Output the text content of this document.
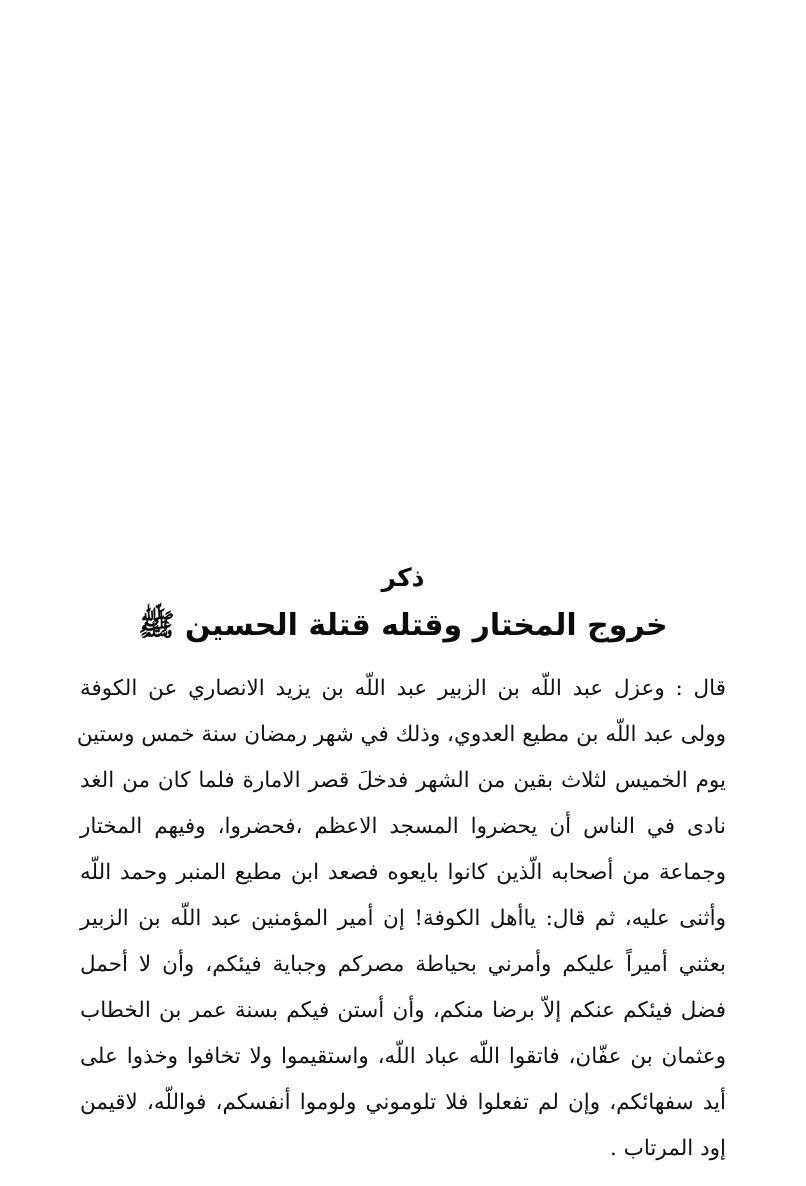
ذكر
خروج المختار وقتله قتلة الحسين ﷺ
قال : وعزل عبد اللّه بن الزبير عبد اللّه بن يزيد الانصاري عن الكوفة
وولى عبد اللّه بن مطيع العدوي، وذلك في شهر رمضان سنة خمس وستين
يوم الخميس لثلاث بقين من الشهر فدخلَ قصر الامارة فلما كان من الغد
نادى في الناس أن يحضروا المسجد الاعظم ،فحضروا، وفيهم المختار
وجماعة من أصحابه الّذين كانوا بايعوه فصعد ابن مطيع المنبر وحمد اللّه
وأثنى عليه، ثم قال: ياأهل الكوفة! إن أمير المؤمنين عبد اللّه بن الزبير
بعثني أميراً عليكم وأمرني بحياطة مصركم وجباية فيئكم، وأن لا أحمل
فضل فيئكم عنكم إلاّ برضا منكم، وأن أستن فيكم بسنة عمر بن الخطاب
وعثمان بن عفّان، فاتقوا اللّه عباد اللّه، واستقيموا ولا تخافوا وخذوا على
أيد سفهائكم، وإن لم تفعلوا فلا تلوموني ولوموا أنفسكم، فواللّه، لاقيمن
إود المرتاب .
